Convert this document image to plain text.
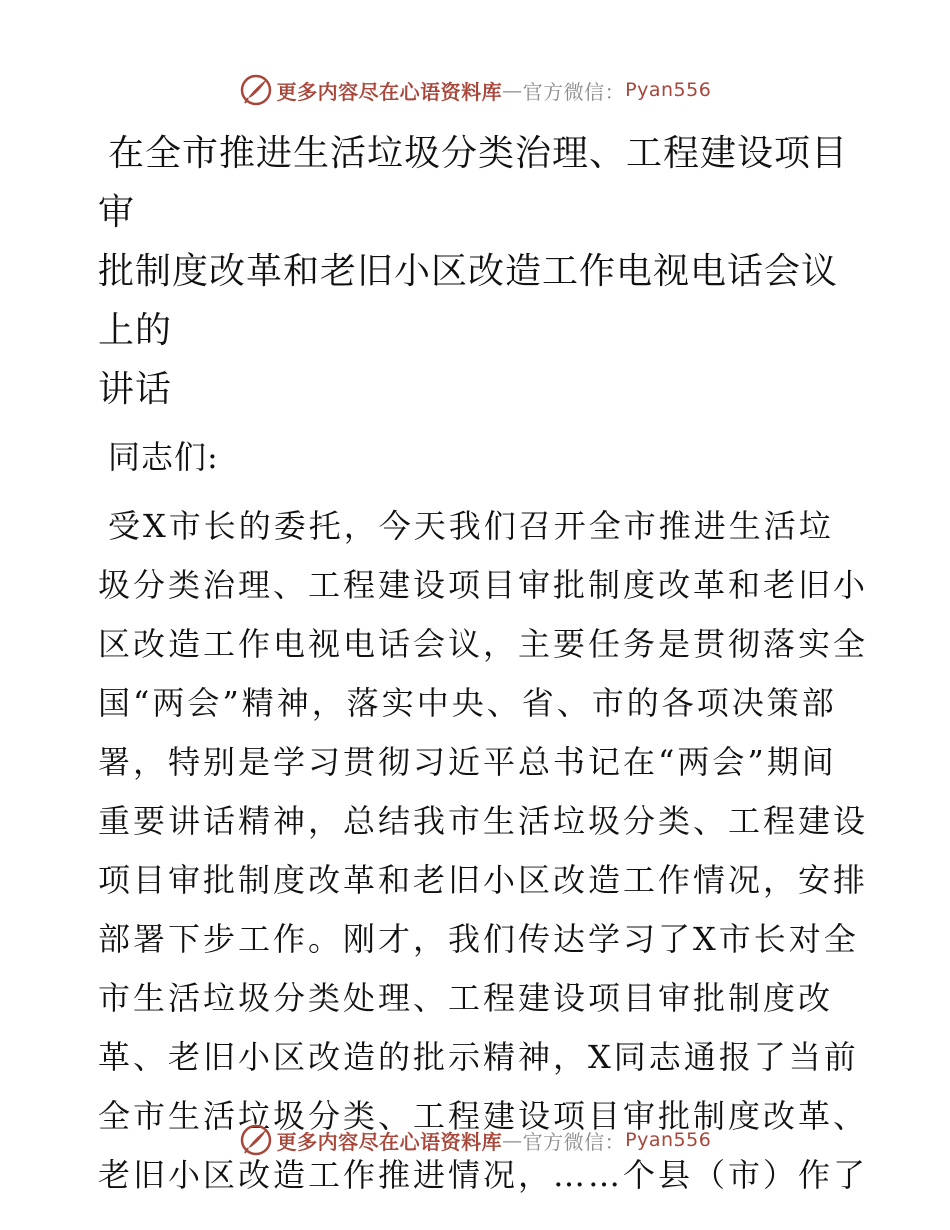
更多内容尽在心语资料库 — 官方微信： Pyan556
在全市推进生活垃圾分类治理、工程建设项目审
批制度改革和老旧小区改造工作电视电话会议上的
讲话

同志们:

受X市长的委托，今天我们召开全市推进生活垃
圾分类治理、工程建设项目审批制度改革和老旧小
区改造工作电视电话会议，主要任务是贯彻落实全
国“两会”精神，落实中央、省、市的各项决策部
署，特别是学习贯彻习近平总书记在“两会”期间
重要讲话精神，总结我市生活垃圾分类、工程建设
项目审批制度改革和老旧小区改造工作情况，安排
部署下步工作。刚才，我们传达学习了X市长对全
市生活垃圾分类处理、工程建设项目审批制度改
革、老旧小区改造的批示精神，X同志通报了当前
全市生活垃圾分类、工程建设项目审批制度改革、
老旧小区改造工作推进情况，……个县（市）作了

更多内容尽在心语资料库 — 官方微信： Pyan556
